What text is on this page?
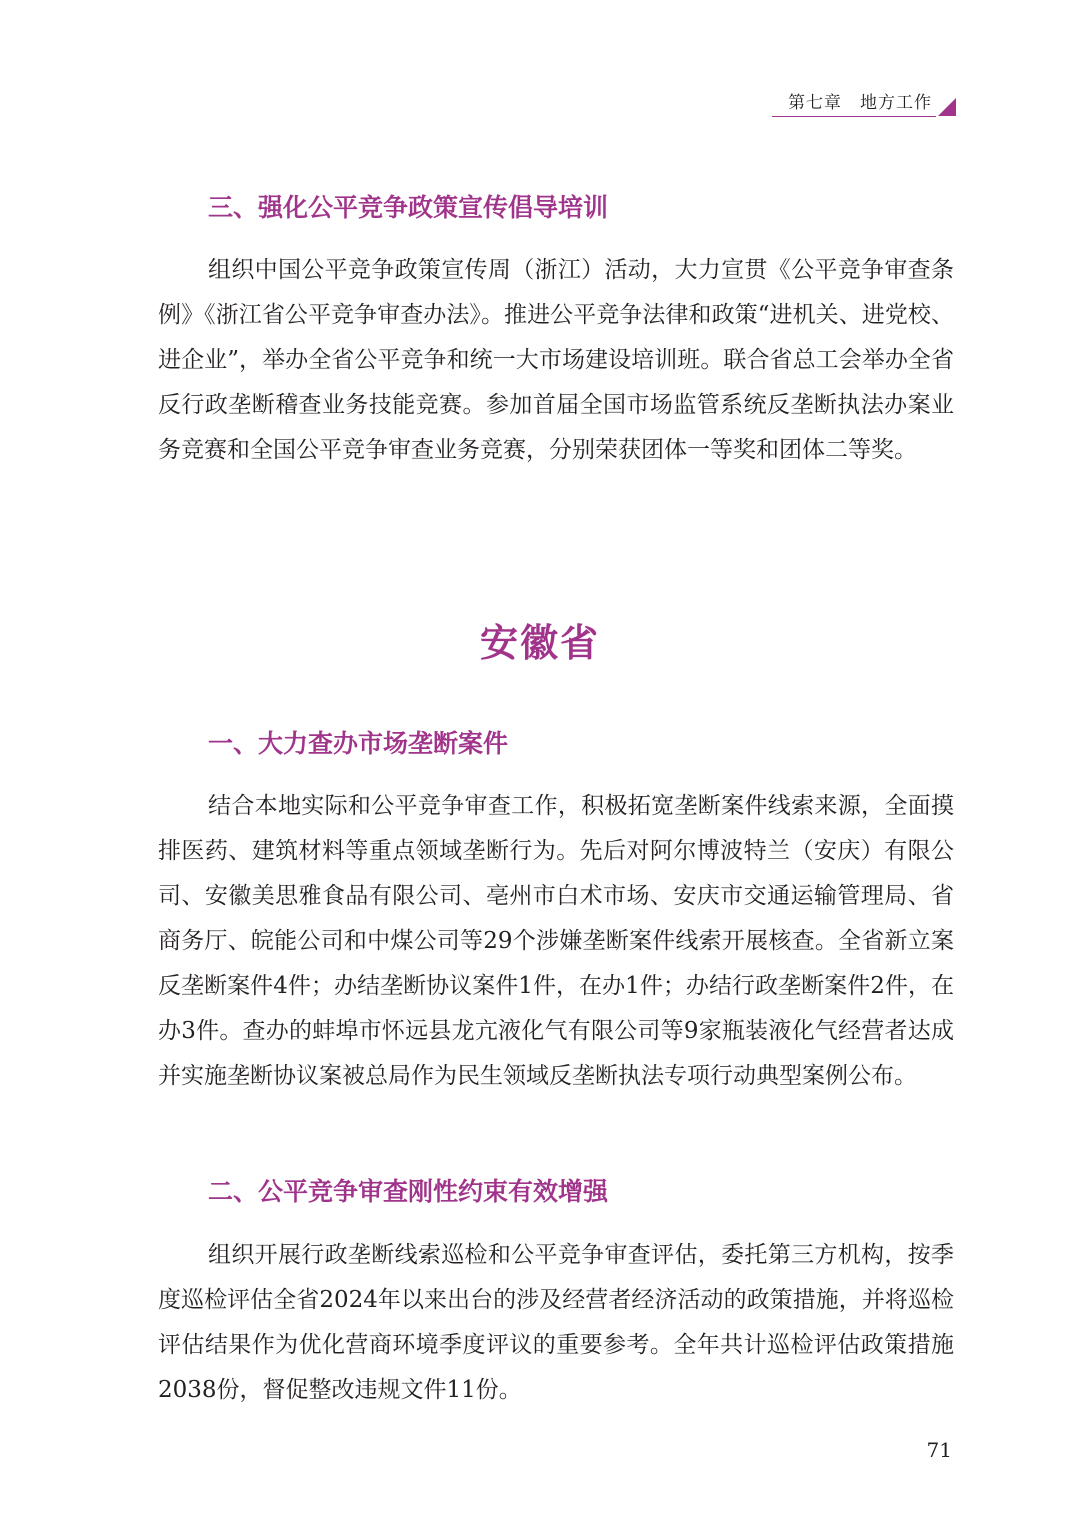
第七章　地方工作
三、强化公平竞争政策宣传倡导培训

组织中国公平竞争政策宣传周（浙江）活动，大力宣贯《公平竞争审查条例》《浙江省公平竞争审查办法》。推进公平竞争法律和政策“进机关、进党校、进企业”，举办全省公平竞争和统一大市场建设培训班。联合省总工会举办全省反行政垄断稽查业务技能竞赛。参加首届全国市场监管系统反垄断执法办案业务竞赛和全国公平竞争审查业务竞赛，分别荣获团体一等奖和团体二等奖。

安徽省
一、大力查办市场垄断案件

结合本地实际和公平竞争审查工作，积极拓宽垄断案件线索来源，全面摸排医药、建筑材料等重点领域垄断行为。先后对阿尔博波特兰（安庆）有限公司、安徽美思雅食品有限公司、亳州市白术市场、安庆市交通运输管理局、省商务厅、皖能公司和中煤公司等29个涉嫌垄断案件线索开展核查。全省新立案反垄断案件4件；办结垄断协议案件1件，在办1件；办结行政垄断案件2件，在办3件。查办的蚌埠市怀远县龙亢液化气有限公司等9家瓶装液化气经营者达成并实施垄断协议案被总局作为民生领域反垄断执法专项行动典型案例公布。

二、公平竞争审查刚性约束有效增强

组织开展行政垄断线索巡检和公平竞争审查评估，委托第三方机构，按季度巡检评估全省2024年以来出台的涉及经营者经济活动的政策措施，并将巡检评估结果作为优化营商环境季度评议的重要参考。全年共计巡检评估政策措施2038份，督促整改违规文件11份。

71
